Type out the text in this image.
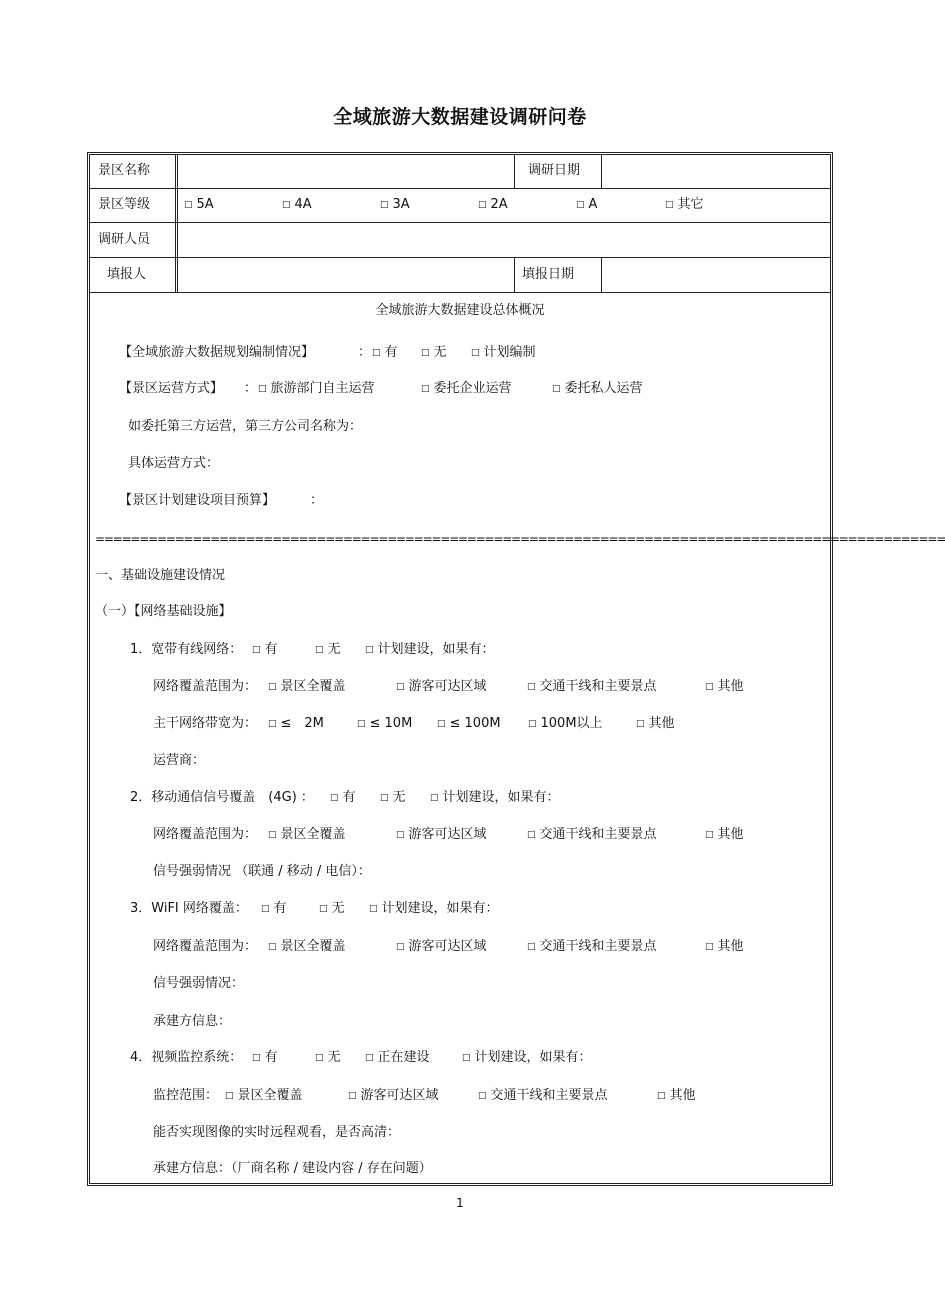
全域旅游大数据建设调研问卷
景区名称	调研日期
景区等级	□ 5A	□ 4A	□ 3A	□ 2A	□ A	□ 其它
调研人员
填报人	填报日期
全域旅游大数据建设总体概况
【全域旅游大数据规划编制情况】	： □ 有	□ 无	□ 计划编制
【景区运营方式】 ： □ 旅游部门自主运营	□ 委托企业运营	□ 委托私人运营
如委托第三方运营，第三方公司名称为：
具体运营方式：
【景区计划建设项目预算】	：
================================================================================================
一、基础设施建设情况
（一）【网络基础设施】
1．宽带有线网络： □ 有	□ 无	□ 计划建设，如果有：
网络覆盖范围为： □ 景区全覆盖	□ 游客可达区域	□ 交通干线和主要景点	□ 其他
主干网络带宽为： □ ≤　2M	□ ≤ 10M	□ ≤ 100M	□ 100M以上	□ 其他
运营商：
2．移动通信信号覆盖　(4G) ： □ 有	□ 无	□ 计划建设，如果有：
网络覆盖范围为： □ 景区全覆盖	□ 游客可达区域	□ 交通干线和主要景点	□ 其他
信号强弱情况 （联通 / 移动 / 电信）：
3．WiFI 网络覆盖： □ 有	□ 无	□ 计划建设，如果有：
网络覆盖范围为： □ 景区全覆盖	□ 游客可达区域	□ 交通干线和主要景点	□ 其他
信号强弱情况：
承建方信息：
4．视频监控系统： □ 有	□ 无	□ 正在建设	□ 计划建设，如果有：
监控范围： □ 景区全覆盖	□ 游客可达区域	□ 交通干线和主要景点	□ 其他
能否实现图像的实时远程观看，是否高清：
承建方信息：（厂商名称 / 建设内容 / 存在问题）
1
